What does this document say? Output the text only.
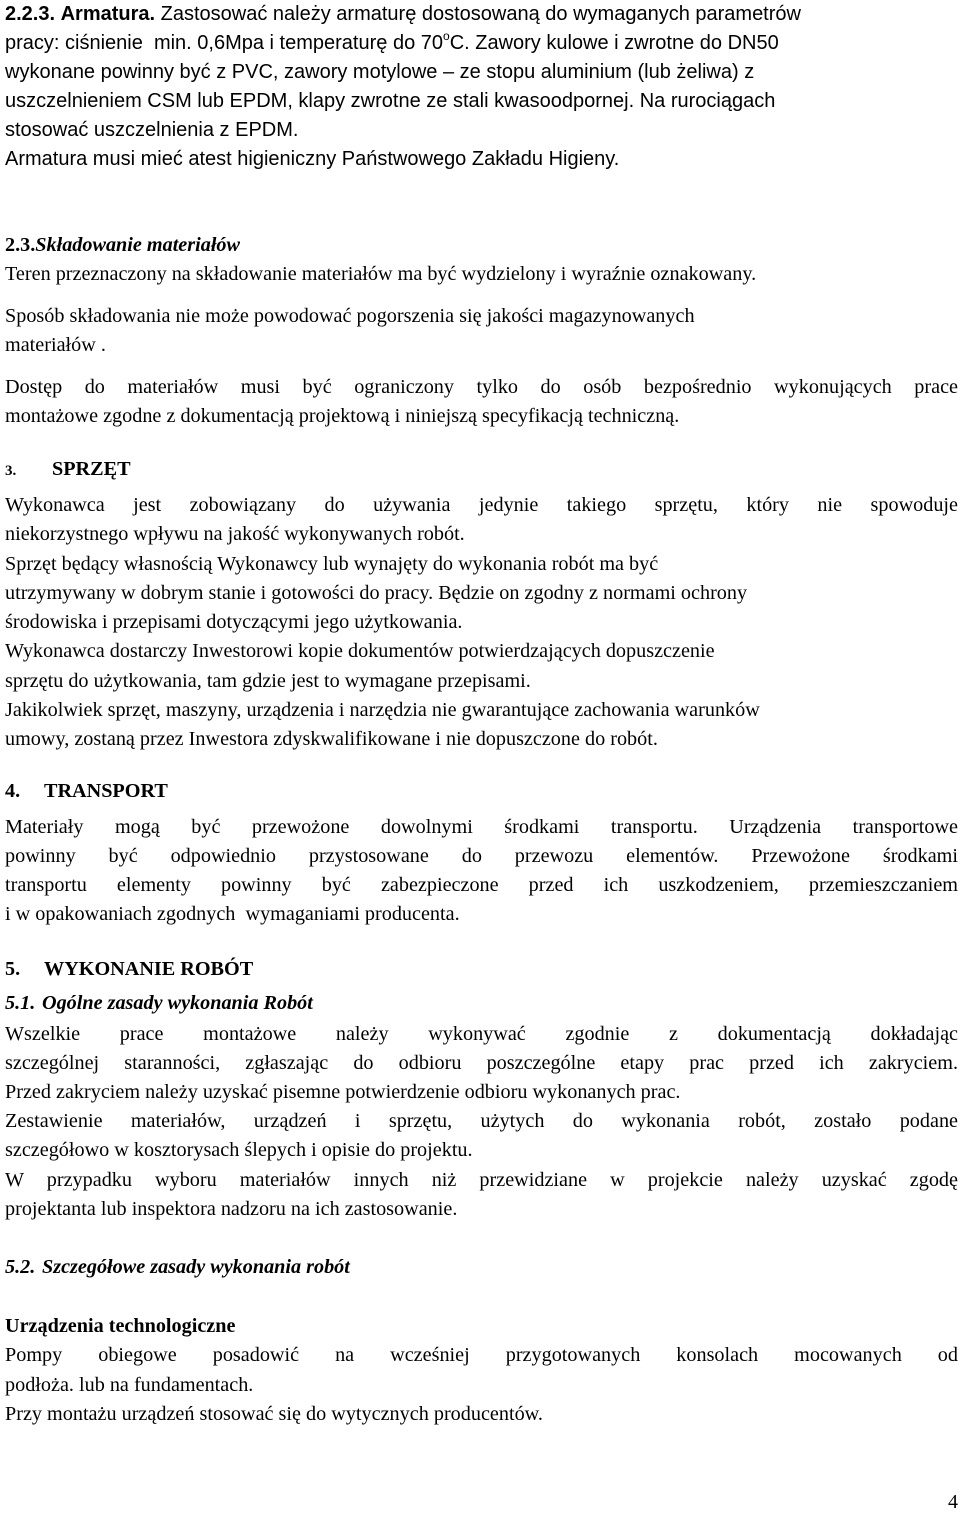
2.2.3. Armatura. Zastosować należy armaturę dostosowaną do wymaganych parametrów
pracy: ciśnienie  min. 0,6Mpa i temperaturę do 70$^o$C. Zawory kulowe i zwrotne do DN50
wykonane powinny być z PVC, zawory motylowe – ze stopu aluminium (lub żeliwa) z
uszczelnieniem CSM lub EPDM, klapy zwrotne ze stali kwasoodpornej. Na rurociągach
stosować uszczelnienia z EPDM.
Armatura musi mieć atest higieniczny Państwowego Zakładu Higieny.
2.3.Składowanie materiałów
Teren przeznaczony na składowanie materiałów ma być wydzielony i wyraźnie oznakowany.
Sposób składowania nie może powodować pogorszenia się jakości magazynowanych
materiałów .
Dostęp do materiałów musi być ograniczony tylko do osób bezpośrednio wykonujących prace
montażowe zgodne z dokumentacją projektową i niniejszą specyfikacją techniczną.
3. SPRZĘT
Wykonawca jest zobowiązany do używania jedynie takiego sprzętu, który nie spowoduje
niekorzystnego wpływu na jakość wykonywanych robót.
Sprzęt będący własnością Wykonawcy lub wynajęty do wykonania robót ma być
utrzymywany w dobrym stanie i gotowości do pracy. Będzie on zgodny z normami ochrony
środowiska i przepisami dotyczącymi jego użytkowania.
Wykonawca dostarczy Inwestorowi kopie dokumentów potwierdzających dopuszczenie
sprzętu do użytkowania, tam gdzie jest to wymagane przepisami.
Jakikolwiek sprzęt, maszyny, urządzenia i narzędzia nie gwarantujące zachowania warunków
umowy, zostaną przez Inwestora zdyskwalifikowane i nie dopuszczone do robót.
4. TRANSPORT
Materiały mogą być przewożone dowolnymi środkami transportu. Urządzenia transportowe
powinny być odpowiednio przystosowane do przewozu elementów. Przewożone środkami
transportu elementy powinny być zabezpieczone przed ich uszkodzeniem, przemieszczaniem
i w opakowaniach zgodnych  wymaganiami producenta.
5. WYKONANIE ROBÓT
5.1. Ogólne zasady wykonania Robót
Wszelkie prace montażowe należy wykonywać zgodnie z dokumentacją dokładając
szczególnej staranności, zgłaszając do odbioru poszczególne etapy prac przed ich zakryciem.
Przed zakryciem należy uzyskać pisemne potwierdzenie odbioru wykonanych prac.
Zestawienie materiałów, urządzeń i sprzętu, użytych do wykonania robót, zostało podane
szczegółowo w kosztorysach ślepych i opisie do projektu.
W przypadku wyboru materiałów innych niż przewidziane w projekcie należy uzyskać zgodę
projektanta lub inspektora nadzoru na ich zastosowanie.
5.2. Szczegółowe zasady wykonania robót
Urządzenia technologiczne
Pompy obiegowe posadowić na wcześniej przygotowanych konsolach mocowanych od
podłoża. lub na fundamentach.
Przy montażu urządzeń stosować się do wytycznych producentów.
4
